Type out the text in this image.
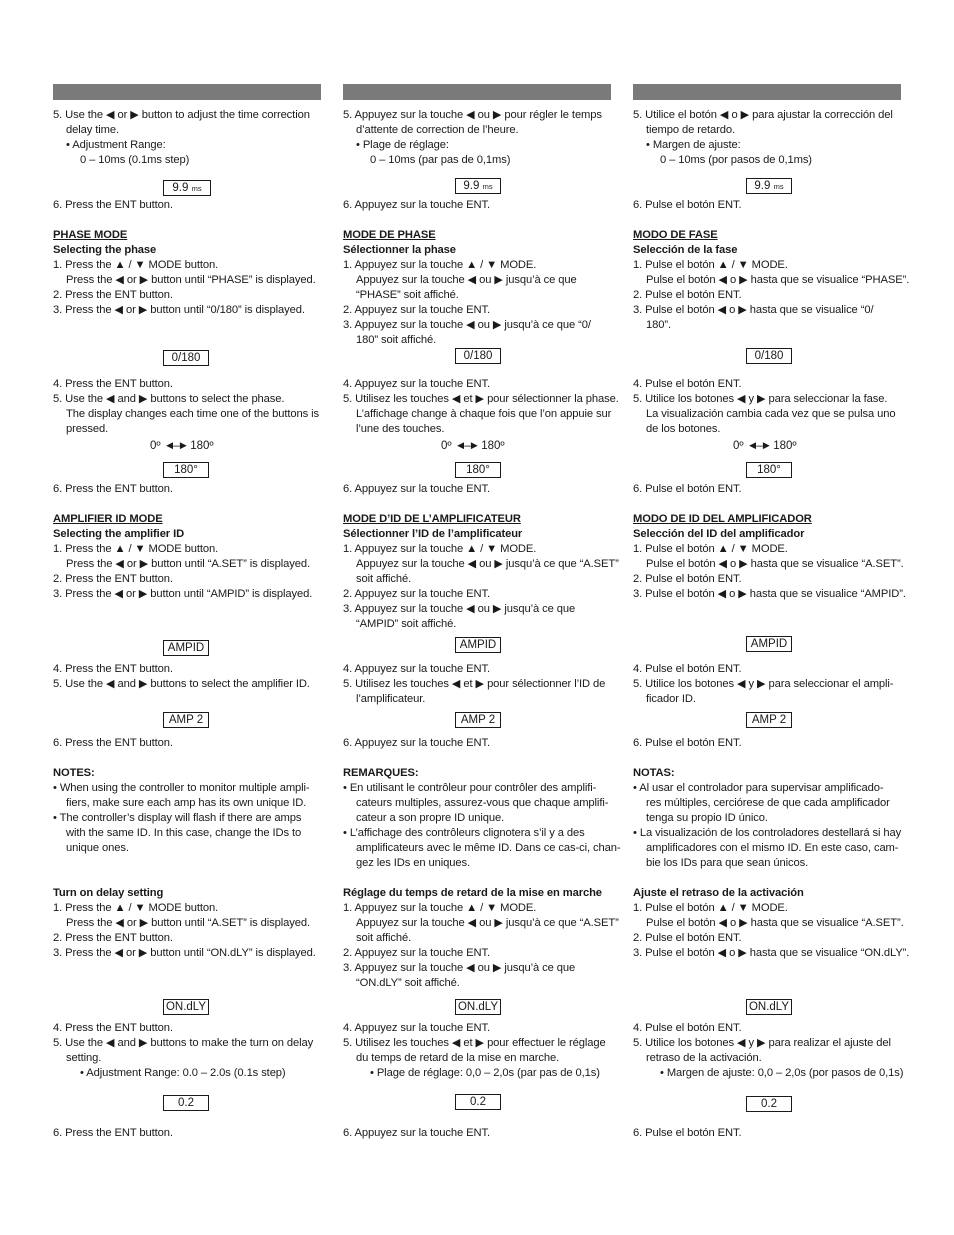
5. Use the ◀ or ▶ button to adjust the time correction
delay time.
• Adjustment Range:
0 – 10ms (0.1ms step)
9.9 ms
6. Press the ENT button.
PHASE MODE
Selecting the phase
1. Press the ▲ / ▼ MODE button.
Press the ◀ or ▶ button until “PHASE” is displayed.
2. Press the ENT button.
3. Press the ◀ or ▶ button until “0/180” is displayed.
0/180
4. Press the ENT button.
5. Use the ◀ and ▶ buttons to select the phase.
The display changes each time one of the buttons is
pressed.
0º ◄–► 180º
180°
6. Press the ENT button.
AMPLIFIER ID MODE
Selecting the amplifier ID
1. Press the ▲ / ▼ MODE button.
Press the ◀ or ▶ button until “A.SET” is displayed.
2. Press the ENT button.
3. Press the ◀ or ▶ button until “AMPID” is displayed.
AMPID
4. Press the ENT button.
5. Use the ◀ and ▶ buttons to select the amplifier ID.
AMP 2
6. Press the ENT button.
NOTES:
• When using the controller to monitor multiple ampli-
fiers, make sure each amp has its own unique ID.
• The controller’s display will flash if there are amps
with the same ID. In this case, change the IDs to
unique ones.
Turn on delay setting
1. Press the ▲ / ▼ MODE button.
Press the ◀ or ▶ button until “A.SET” is displayed.
2. Press the ENT button.
3. Press the ◀ or ▶ button until “ON.dLY” is displayed.
ON.dLY
4. Press the ENT button.
5. Use the ◀ and ▶ buttons to make the turn on delay
setting.
• Adjustment Range: 0.0 – 2.0s (0.1s step)
0.2
6. Press the ENT button.
5. Appuyez sur la touche ◀ ou ▶ pour régler le temps
d’attente de correction de l’heure.
• Plage de réglage:
0 – 10ms (par pas de 0,1ms)
9.9 ms
6. Appuyez sur la touche ENT.
MODE DE PHASE
Sélectionner la phase
1. Appuyez sur la touche ▲ / ▼ MODE.
Appuyez sur la touche ◀ ou ▶ jusqu’à ce que
“PHASE” soit affiché.
2. Appuyez sur la touche ENT.
3. Appuyez sur la touche ◀ ou ▶ jusqu’à ce que “0/
180” soit affiché.
0/180
4. Appuyez sur la touche ENT.
5. Utilisez les touches ◀ et ▶ pour sélectionner la phase.
L’affichage change à chaque fois que l’on appuie sur
l’une des touches.
0º ◄–► 180º
180°
6. Appuyez sur la touche ENT.
MODE D’ID DE L’AMPLIFICATEUR
Sélectionner l’ID de l’amplificateur
1. Appuyez sur la touche ▲ / ▼ MODE.
Appuyez sur la touche ◀ ou ▶ jusqu’à ce que “A.SET”
soit affiché.
2. Appuyez sur la touche ENT.
3. Appuyez sur la touche ◀ ou ▶ jusqu’à ce que
“AMPID” soit affiché.
AMPID
4. Appuyez sur la touche ENT.
5. Utilisez les touches ◀ et ▶ pour sélectionner l’ID de
l’amplificateur.
AMP 2
6. Appuyez sur la touche ENT.
REMARQUES:
• En utilisant le contrôleur pour contrôler des amplifi-
cateurs multiples, assurez-vous que chaque amplifi-
cateur a son propre ID unique.
• L’affichage des contrôleurs clignotera s’il y a des
amplificateurs avec le même ID. Dans ce cas-ci, chan-
gez les IDs en uniques.
Réglage du temps de retard de la mise en marche
1. Appuyez sur la touche ▲ / ▼ MODE.
Appuyez sur la touche ◀ ou ▶ jusqu’à ce que “A.SET”
soit affiché.
2. Appuyez sur la touche ENT.
3. Appuyez sur la touche ◀ ou ▶ jusqu’à ce que
“ON.dLY” soit affiché.
ON.dLY
4. Appuyez sur la touche ENT.
5. Utilisez les touches ◀ et ▶ pour effectuer le réglage
du temps de retard de la mise en marche.
• Plage de réglage: 0,0 – 2,0s (par pas de 0,1s)
0.2
6. Appuyez sur la touche ENT.
5. Utilice el botón ◀ o ▶ para ajustar la corrección del
tiempo de retardo.
• Margen de ajuste:
0 – 10ms (por pasos de 0,1ms)
9.9 ms
6. Pulse el botón ENT.
MODO DE FASE
Selección de la fase
1. Pulse el botón ▲ / ▼ MODE.
Pulse el botón ◀ o ▶ hasta que se visualice “PHASE”.
2. Pulse el botón ENT.
3. Pulse el botón ◀ o ▶ hasta que se visualice “0/
180”.
0/180
4. Pulse el botón ENT.
5. Utilice los botones ◀ y ▶ para seleccionar la fase.
La visualización cambia cada vez que se pulsa uno
de los botones.
0º ◄–► 180º
180°
6. Pulse el botón ENT.
MODO DE ID DEL AMPLIFICADOR
Selección del ID del amplificador
1. Pulse el botón ▲ / ▼ MODE.
Pulse el botón ◀ o ▶ hasta que se visualice “A.SET”.
2. Pulse el botón ENT.
3. Pulse el botón ◀ o ▶ hasta que se visualice “AMPID”.
AMPID
4. Pulse el botón ENT.
5. Utilice los botones ◀ y ▶ para seleccionar el ampli-
ficador ID.
AMP 2
6. Pulse el botón ENT.
NOTAS:
• Al usar el controlador para supervisar amplificado-
res múltiples, cerciórese de que cada amplificador
tenga su propio ID único.
• La visualización de los controladores destellará si hay
amplificadores con el mismo ID. En este caso, cam-
bie los IDs para que sean únicos.
Ajuste el retraso de la activación
1. Pulse el botón ▲ / ▼ MODE.
Pulse el botón ◀ o ▶ hasta que se visualice “A.SET”.
2. Pulse el botón ENT.
3. Pulse el botón ◀ o ▶ hasta que se visualice “ON.dLY”.
ON.dLY
4. Pulse el botón ENT.
5. Utilice los botones ◀ y ▶ para realizar el ajuste del
retraso de la activación.
• Margen de ajuste: 0,0 – 2,0s (por pasos de 0,1s)
0.2
6. Pulse el botón ENT.
